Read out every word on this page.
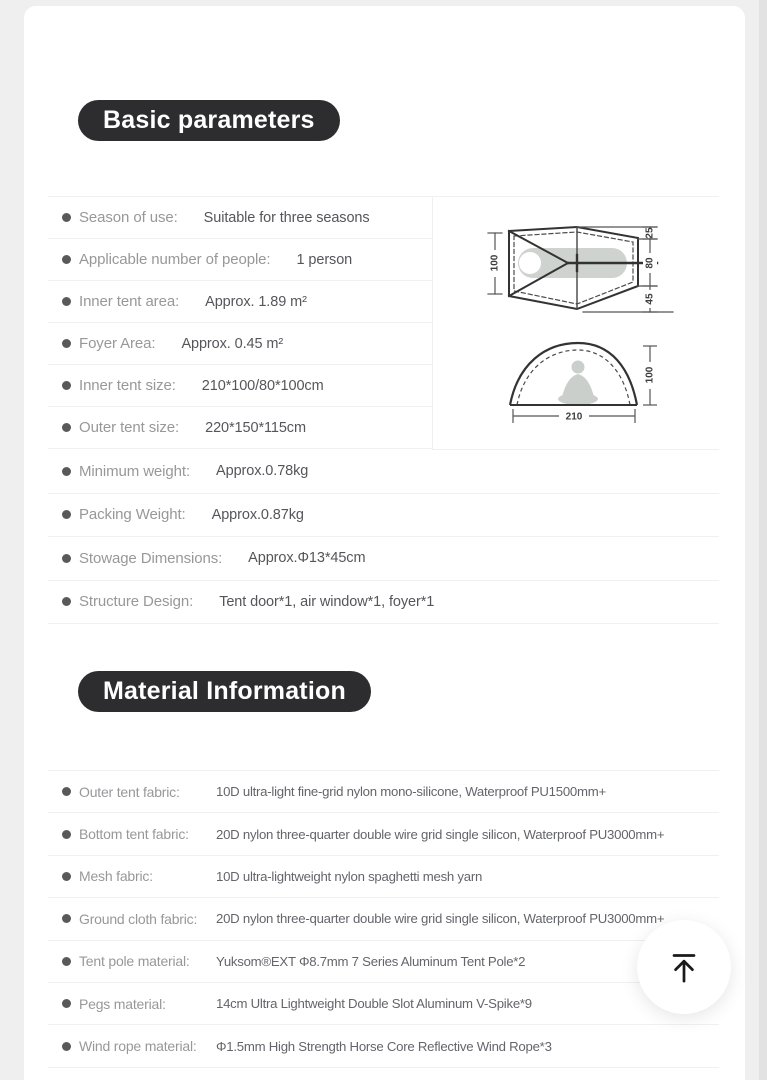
Basic parameters
Season of use: Suitable for three seasons
Applicable number of people: 1 person
Inner tent area: Approx. 1.89 m²
Foyer Area: Approx. 0.45 m²
Inner tent size: 210*100/80*100cm
Outer tent size: 220*150*115cm
100
25
80
45
210
100
Minimum weight: Approx.0.78kg
Packing Weight: Approx.0.87kg
Stowage Dimensions: Approx.Φ13*45cm
Structure Design: Tent door*1, air window*1, foyer*1
Material Information
Outer tent fabric:	10D ultra-light fine-grid nylon mono-silicone, Waterproof PU1500mm+
Bottom tent fabric:	20D nylon three-quarter double wire grid single silicon, Waterproof PU3000mm+
Mesh fabric:	10D ultra-lightweight nylon spaghetti mesh yarn
Ground cloth fabric:	20D nylon three-quarter double wire grid single silicon, Waterproof PU3000mm+
Tent pole material:	Yuksom®EXT Φ8.7mm 7 Series Aluminum Tent Pole*2
Pegs material:	14cm Ultra Lightweight Double Slot Aluminum V-Spike*9
Wind rope material:	Φ1.5mm High Strength Horse Core Reflective Wind Rope*3
